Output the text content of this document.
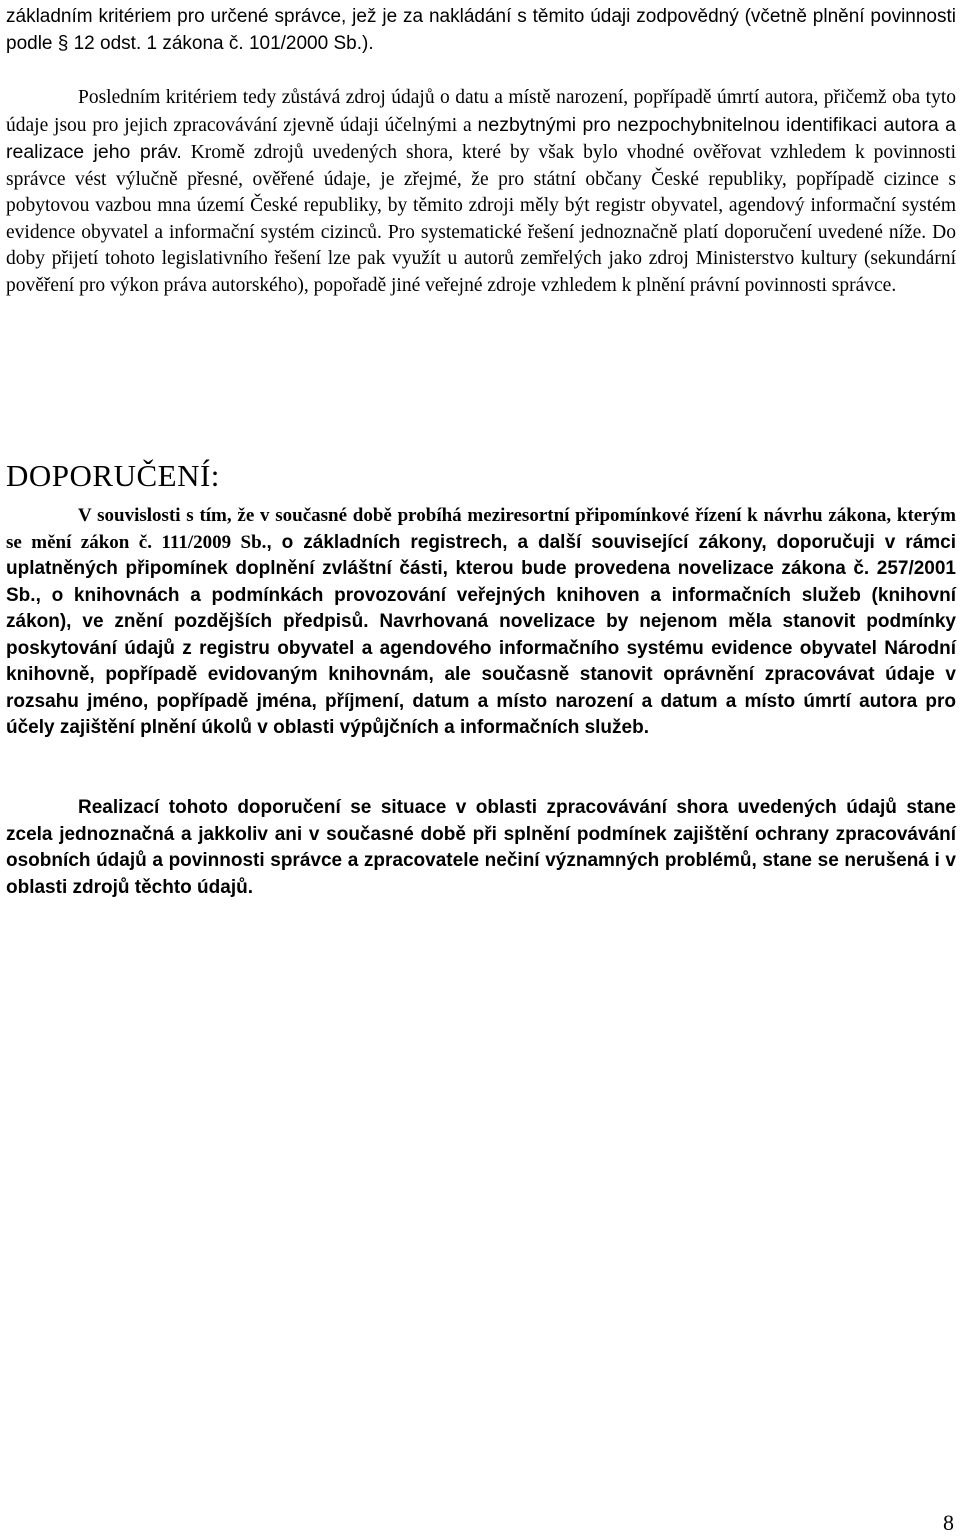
základním kritériem pro určené správce, jež je za nakládání s těmito údaji zodpovědný (včetně plnění povinnosti podle § 12 odst. 1 zákona č. 101/2000 Sb.).

Posledním kritériem tedy zůstává zdroj údajů o datu a místě narození, popřípadě úmrtí autora, přičemž oba tyto údaje jsou pro jejich zpracovávání zjevně údaji účelnými a nezbytnými pro nezpochybnitelnou identifikaci autora a realizace jeho práv. Kromě zdrojů uvedených shora, které by však bylo vhodné ověřovat vzhledem k povinnosti správce vést výlučně přesné, ověřené údaje, je zřejmé, že pro státní občany České republiky, popřípadě cizince s pobytovou vazbou mna území České republiky, by těmito zdroji měly být registr obyvatel, agendový informační systém evidence obyvatel a informační systém cizinců. Pro systematické řešení jednoznačně platí doporučení uvedené níže. Do doby přijetí tohoto legislativního řešení lze pak využít u autorů zemřelých jako zdroj Ministerstvo kultury (sekundární pověření pro výkon práva autorského), popořadě jiné veřejné zdroje vzhledem k plnění právní povinnosti správce.

DOPORUČENÍ:

V souvislosti s tím, že v současné době probíhá meziresortní připomínkové řízení k návrhu zákona, kterým se mění zákon č. 111/2009 Sb., o základních registrech, a další související zákony, doporučuji v rámci uplatněných připomínek doplnění zvláštní části, kterou bude provedena novelizace zákona č. 257/2001 Sb., o knihovnách a podmínkách provozování veřejných knihoven a informačních služeb (knihovní zákon), ve znění pozdějších předpisů. Navrhovaná novelizace by nejenom měla stanovit podmínky poskytování údajů z registru obyvatel a agendového informačního systému evidence obyvatel Národní knihovně, popřípadě evidovaným knihovnám, ale současně stanovit oprávnění zpracovávat údaje v rozsahu jméno, popřípadě jména, příjmení, datum a místo narození a datum a místo úmrtí autora pro účely zajištění plnění úkolů v oblasti výpůjčních a informačních služeb.

Realizací tohoto doporučení se situace v oblasti zpracovávání shora uvedených údajů stane zcela jednoznačná a jakkoliv ani v současné době při splnění podmínek zajištění ochrany zpracovávání osobních údajů a povinnosti správce a zpracovatele nečiní významných problémů, stane se nerušená i v oblasti zdrojů těchto údajů.

8
